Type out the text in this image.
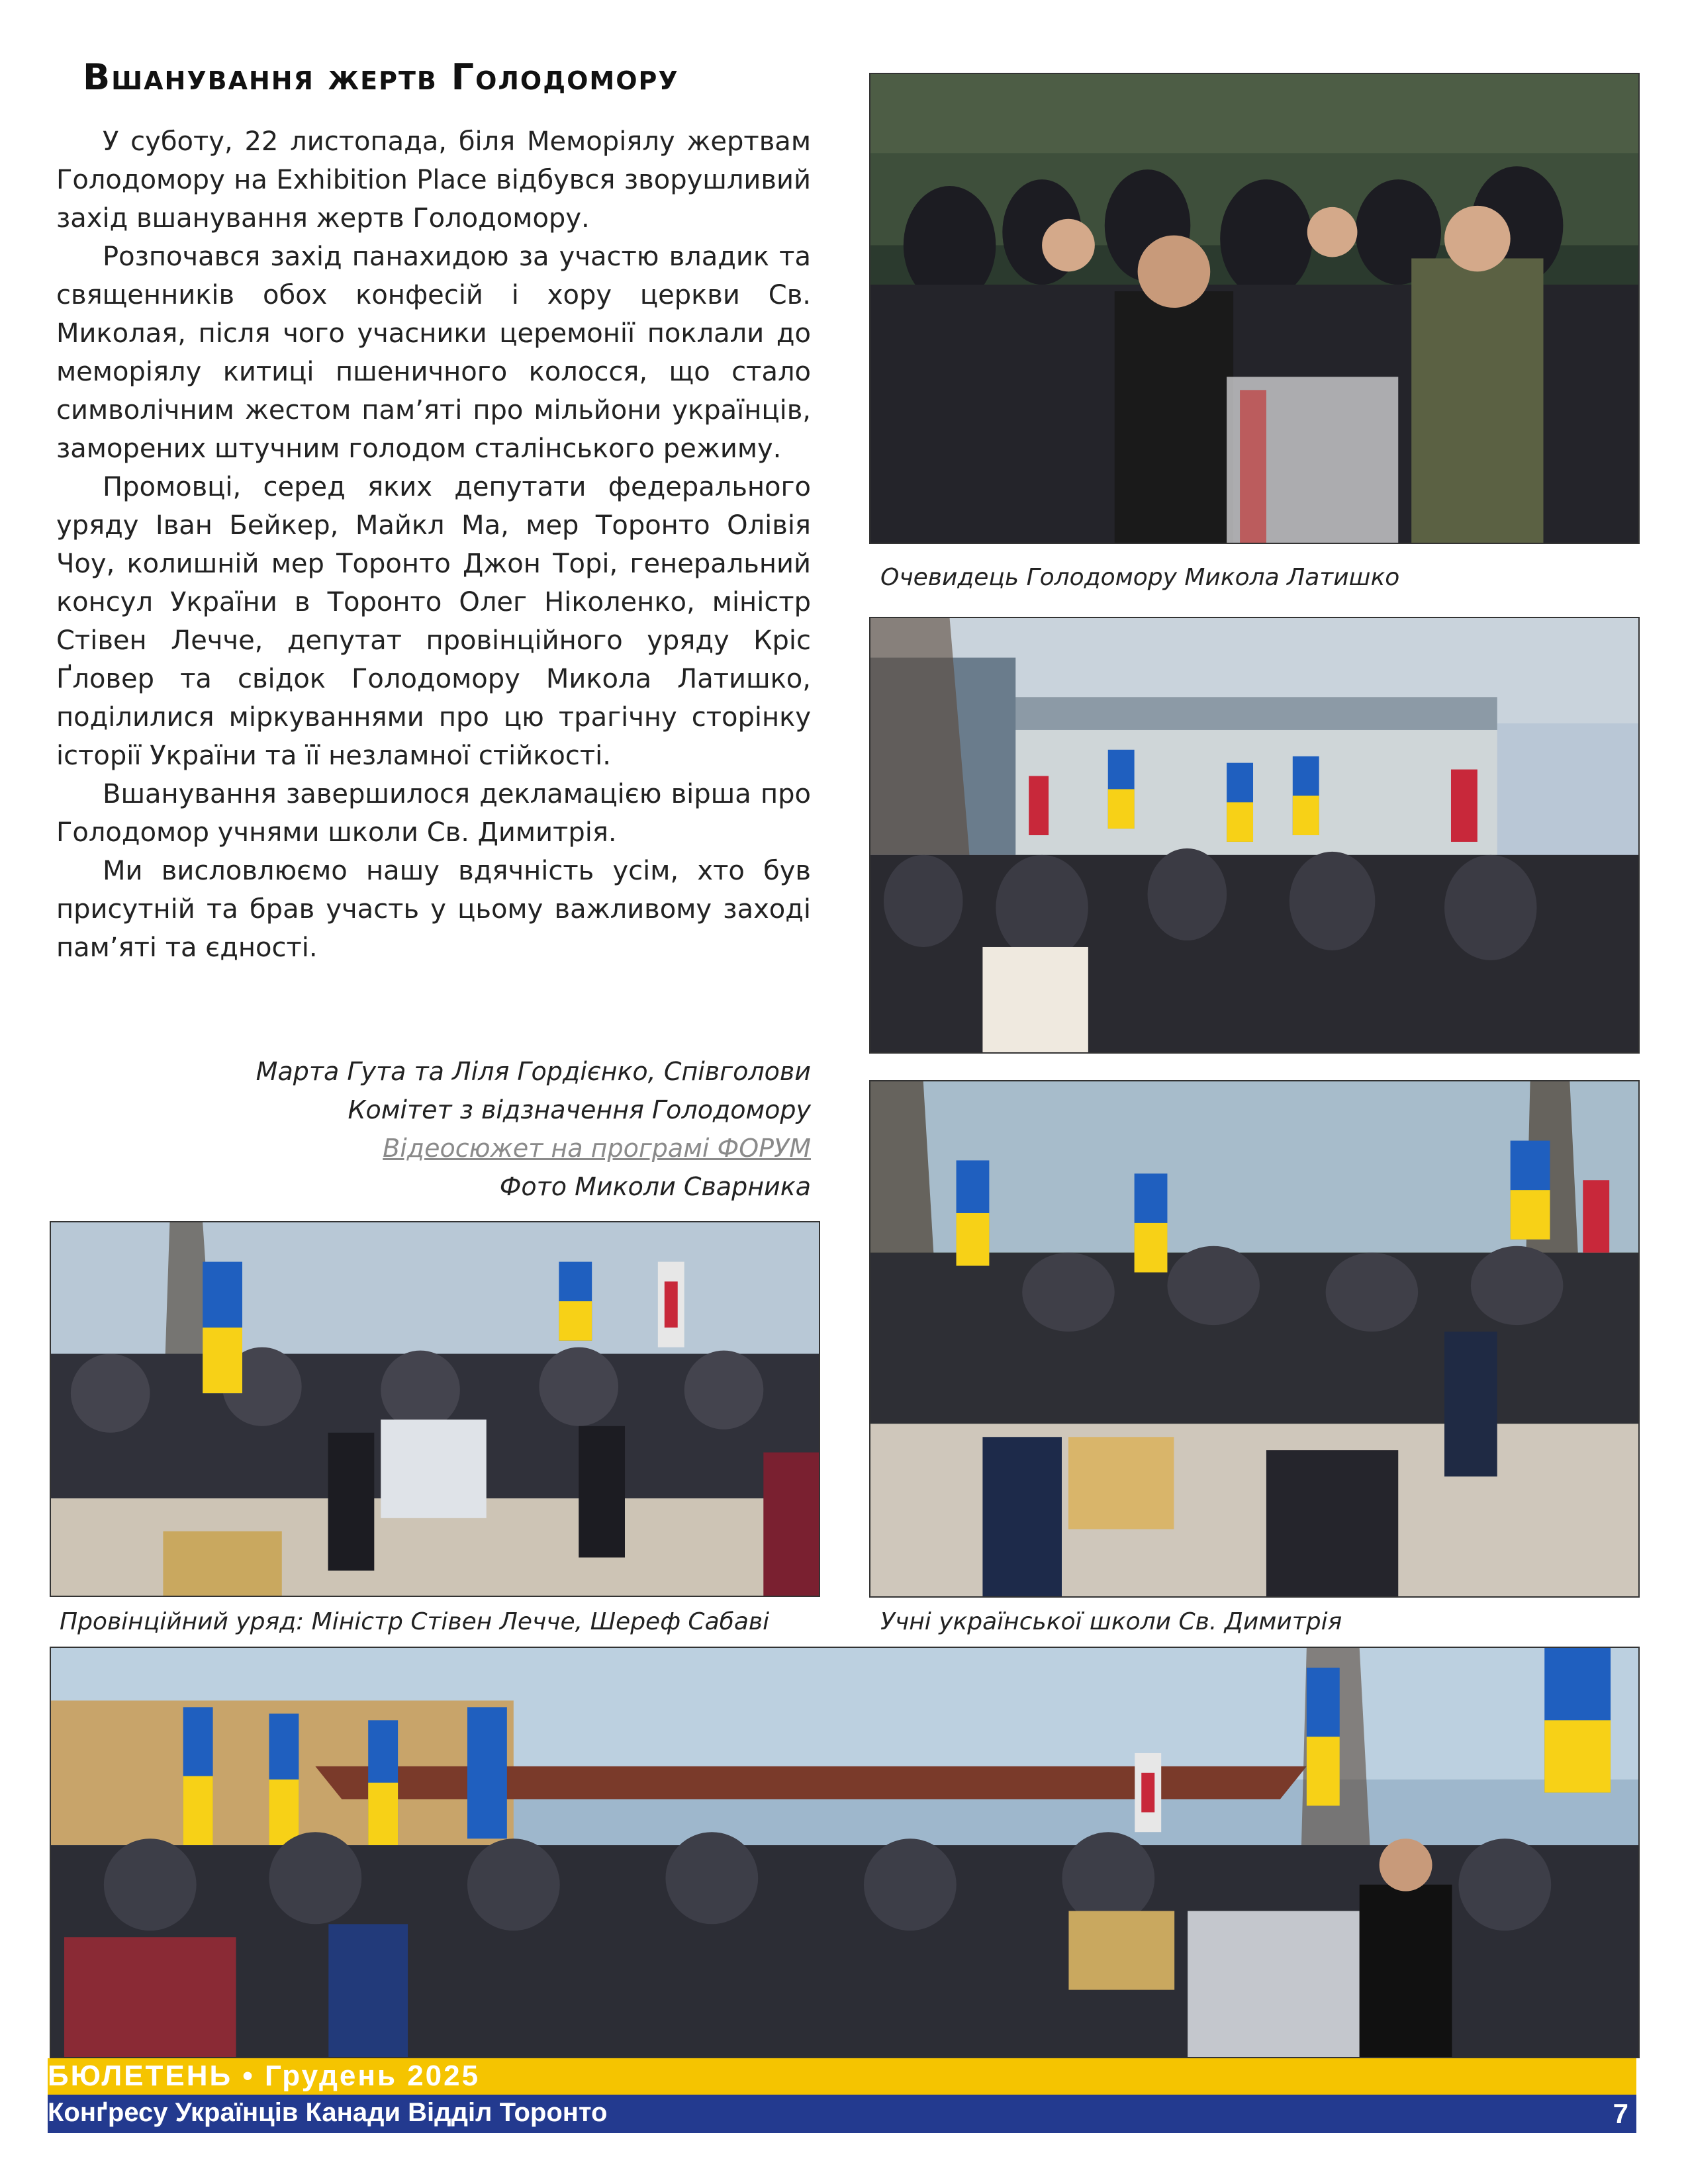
Вшанування жертв Голодомору

У суботу, 22 листопада, біля Меморіялу жертвам Голодомору на Exhibition Place відбувся зворушливий захід вшанування жертв Голодомору.

Розпочався захід панахидою за участю владик та священників обох конфесій і хору церкви Св. Миколая, після чого учасники церемонії поклали до меморіялу китиці пшеничного колосся, що стало символічним жестом пам’яті про мільйони українців, заморених штучним голодом сталінського режиму.

Промовці, серед яких депутати федерального уряду Іван Бейкер, Майкл Ма, мер Торонто Олівія Чоу, колишній мер Торонто Джон Торі, генеральний консул України в Торонто Олег Ніколенко, міністр Стівен Лечче, депутат провінційного уряду Кріс Ґловер та свідок Голодомору Микола Латишко, поділилися міркуваннями про цю трагічну сторінку історії України та її незламної стійкості.

Вшанування завершилося декламацією вірша про Голодомор учнями школи Св. Димитрія.

Ми висловлюємо нашу вдячність усім, хто був присутній та брав участь у цьому важливому заході пам’яті та єдності.

Марта Гута та Ліля Гордієнко, Співголови
Комітет з відзначення Голодомору
Відеосюжет на програмі ФОРУМ
Фото Миколи Сварника
Очевидець Голодомору Микола Латишко
Учні української школи Св. Димитрія
Провінційний уряд: Міністр Стівен Лечче, Шереф Сабаві
БЮЛЕТЕНЬ • Грудень 2025
Конґресу Українців Канади Відділ Торонто	7
